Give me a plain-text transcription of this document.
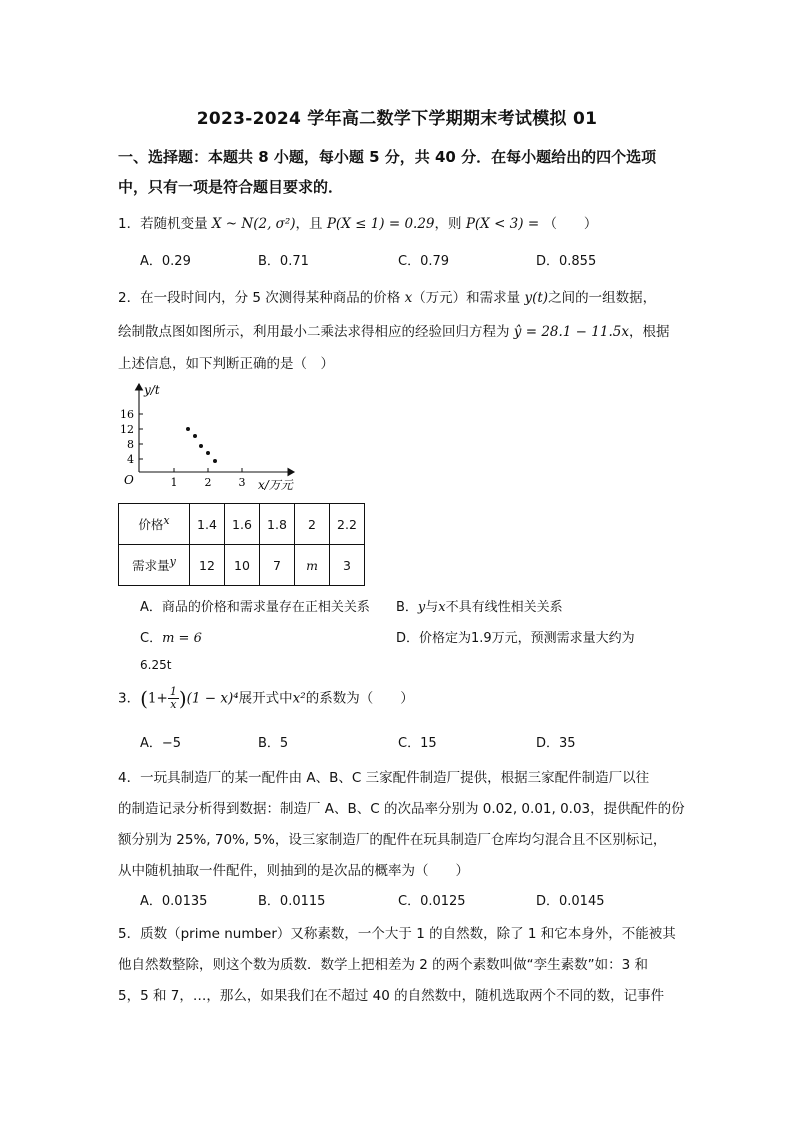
2023-2024 学年高二数学下学期期末考试模拟 01
一、选择题：本题共 8 小题，每小题 5 分，共 40 分．在每小题给出的四个选项
中，只有一项是符合题目要求的．
1．若随机变量 X ~ N(2, σ²)，且 P(X ≤ 1) = 0.29，则 P(X < 3) = （　　）
A．0.29	B．0.71	C．0.79	D．0.855
2．在一段时间内，分 5 次测得某种商品的价格 x（万元）和需求量 y(t)之间的一组数据，
绘制散点图如图所示，利用最小二乘法求得相应的经验回归方程为 ŷ = 28.1 − 11.5x，根据
上述信息，如下判断正确的是（　）
y/t
x/万元
O
16
12
8
4
1 2 3
价格x	1.4	1.6	1.8	2	2.2
需求量y	12	10	7	m	3
A．商品的价格和需求量存在正相关关系 B．y与x不具有线性相关关系
C．m = 6	D．价格定为1.9万元，预测需求量大约为
6.25t
3．$(1+ \frac{1}{x} )(1 - x)^4$展开式中x²的系数为（　　）
A．−5	B．5	C．15	D．35
4．一玩具制造厂的某一配件由 A、B、C 三家配件制造厂提供，根据三家配件制造厂以往
的制造记录分析得到数据：制造厂 A、B、C 的次品率分别为 0.02, 0.01, 0.03，提供配件的份
额分别为 25%, 70%, 5%，设三家制造厂的配件在玩具制造厂仓库均匀混合且不区别标记，
从中随机抽取一件配件，则抽到的是次品的概率为（　　）
A．0.0135	B．0.0115	C．0.0125	D．0.0145
5．质数（prime number）又称素数，一个大于 1 的自然数，除了 1 和它本身外，不能被其
他自然数整除，则这个数为质数．数学上把相差为 2 的两个素数叫做“孪生素数”如：3 和
5，5 和 7，…，那么，如果我们在不超过 40 的自然数中，随机选取两个不同的数，记事件
